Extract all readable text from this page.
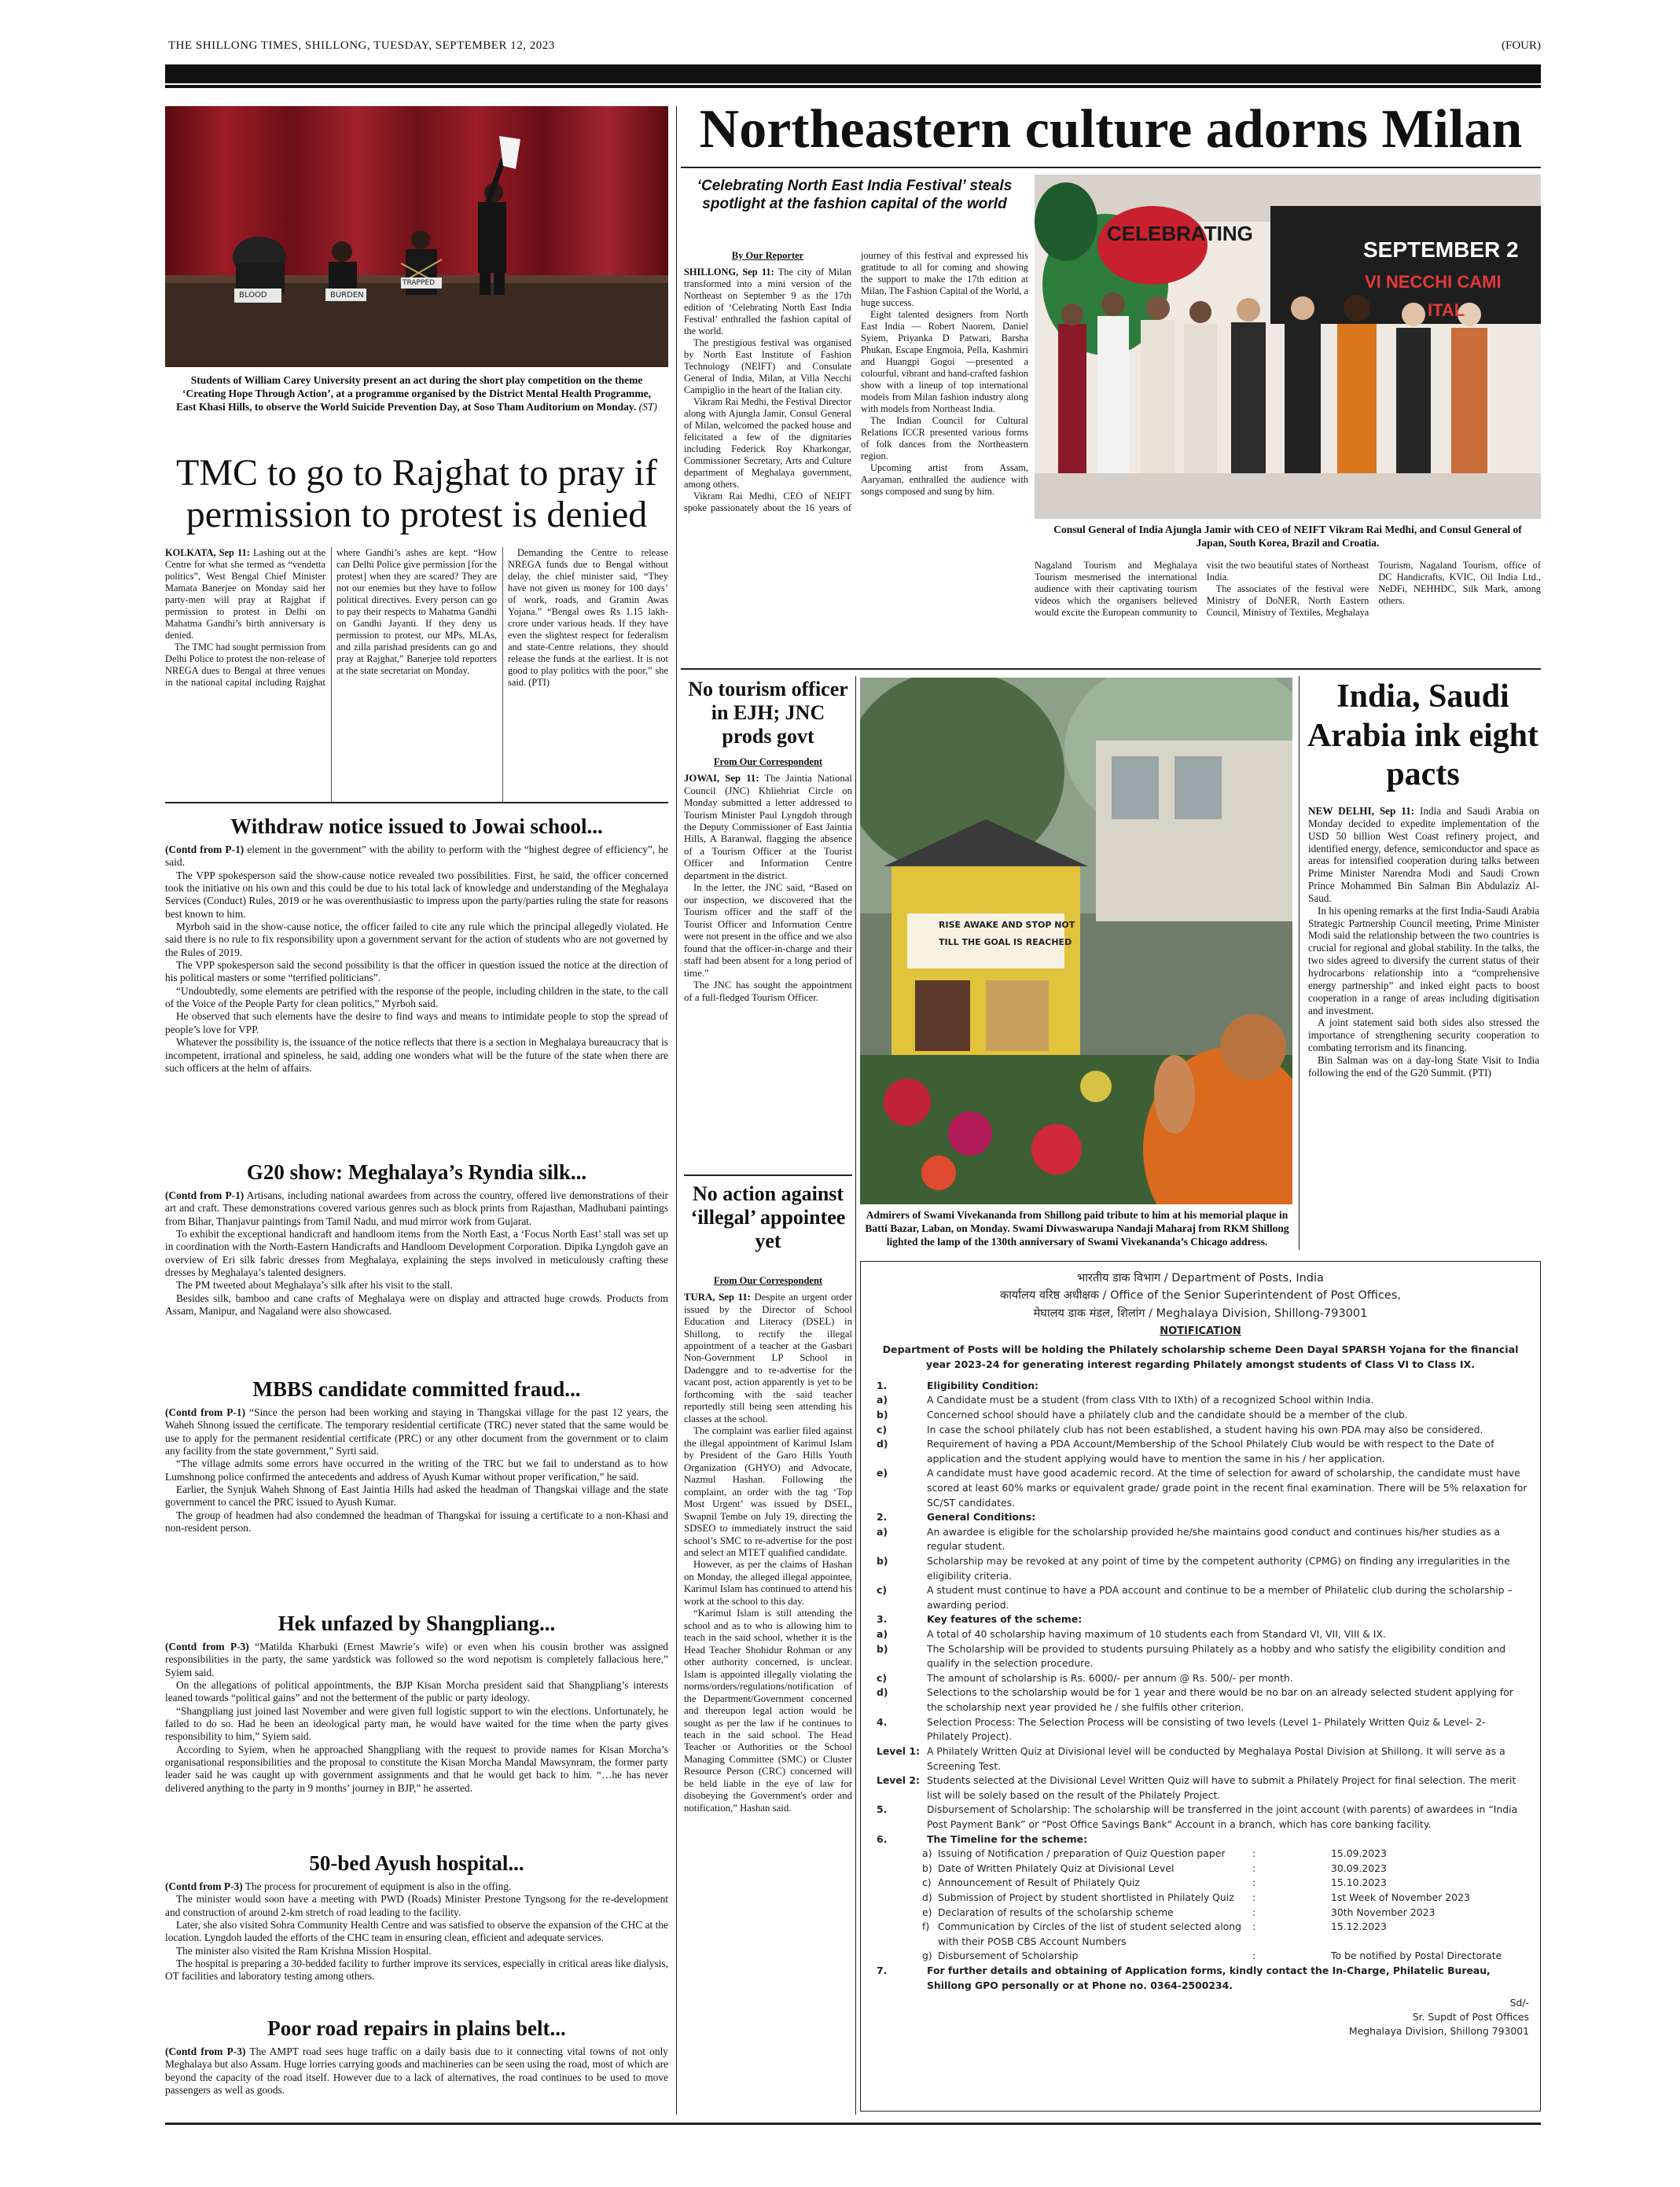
THE SHILLONG TIMES, SHILLONG, TUESDAY, SEPTEMBER 12, 2023	(FOUR)
BLOOD	BURDEN
TRAPPED
Students of William Carey University present an act during the short play competition on the theme ‘Creating Hope Through Action’, at a programme organised by the District Mental Health Programme, East Khasi Hills, to observe the World Suicide Prevention Day, at Soso Tham Auditorium on Monday. (ST)
TMC to go to Rajghat to pray if permission to protest is denied

KOLKATA, Sep 11: Lashing out at the Centre for what she termed as “vendetta politics”, West Bengal Chief Minister Mamata Banerjee on Monday said her party-men will pray at Rajghat if permission to protest in Delhi on Mahatma Gandhi’s birth anniversary is denied.

The TMC had sought permission from Delhi Police to protest the non-release of NREGA dues to Bengal at three venues in the national capital including Rajghat where Gandhi’s ashes are kept. “How can Delhi Police give permission [for the protest] when they are scared? They are not our enemies but they have to follow political directives. Every person can go to pay their respects to Mahatma Gandhi on Gandhi Jayanti. If they deny us permission to protest, our MPs, MLAs, and zilla parishad presidents can go and pray at Rajghat,” Banerjee told reporters at the state secretariat on Monday.

Demanding the Centre to release NREGA funds due to Bengal without delay, the chief minister said, “They have not given us money for 100 days’ of work, roads, and Gramin Awas Yojana.” “Bengal owes Rs 1.15 lakh-crore under various heads. If they have even the slightest respect for federalism and state-Centre relations, they should release the funds at the earliest. It is not good to play politics with the poor,” she said. (PTI)

Withdraw notice issued to Jowai school...

(Contd from P-1) element in the government” with the ability to perform with the “highest degree of efficiency”, he said.

The VPP spokesperson said the show-cause notice revealed two possibilities. First, he said, the officer concerned took the initiative on his own and this could be due to his total lack of knowledge and understanding of the Meghalaya Services (Conduct) Rules, 2019 or he was overenthusiastic to impress upon the party/parties ruling the state for reasons best known to him.

Myrboh said in the show-cause notice, the officer failed to cite any rule which the principal allegedly violated. He said there is no rule to fix responsibility upon a government servant for the action of students who are not governed by the Rules of 2019.

The VPP spokesperson said the second possibility is that the officer in question issued the notice at the direction of his political masters or some “terrified politicians”.

“Undoubtedly, some elements are petrified with the response of the people, including children in the state, to the call of the Voice of the People Party for clean politics,” Myrboh said.

He observed that such elements have the desire to find ways and means to intimidate people to stop the spread of people’s love for VPP.

Whatever the possibility is, the issuance of the notice reflects that there is a section in Meghalaya bureaucracy that is incompetent, irrational and spineless, he said, adding one wonders what will be the future of the state when there are such officers at the helm of affairs.

G20 show: Meghalaya’s Ryndia silk...

(Contd from P-1) Artisans, including national awardees from across the country, offered live demonstrations of their art and craft. These demonstrations covered various genres such as block prints from Rajasthan, Madhubani paintings from Bihar, Thanjavur paintings from Tamil Nadu, and mud mirror work from Gujarat.

To exhibit the exceptional handicraft and handloom items from the North East, a ‘Focus North East’ stall was set up in coordination with the North-Eastern Handicrafts and Handloom Development Corporation. Dipika Lyngdoh gave an overview of Eri silk fabric dresses from Meghalaya, explaining the steps involved in meticulously crafting these dresses by Meghalaya’s talented designers.

The PM tweeted about Meghalaya’s silk after his visit to the stall.

Besides silk, bamboo and cane crafts of Meghalaya were on display and attracted huge crowds. Products from Assam, Manipur, and Nagaland were also showcased.

MBBS candidate committed fraud...

(Contd from P-1) “Since the person had been working and staying in Thangskai village for the past 12 years, the Waheh Shnong issued the certificate. The temporary residential certificate (TRC) never stated that the same would be use to apply for the permanent residential certificate (PRC) or any other document from the government or to claim any facility from the state government,” Syrti said.

“The village admits some errors have occurred in the writing of the TRC but we fail to understand as to how Lumshnong police confirmed the antecedents and address of Ayush Kumar without proper verification,” he said.

Earlier, the Synjuk Waheh Shnong of East Jaintia Hills had asked the headman of Thangskai village and the state government to cancel the PRC issued to Ayush Kumar.

The group of headmen had also condemned the headman of Thangskai for issuing a certificate to a non-Khasi and non-resident person.

Hek unfazed by Shangpliang...

(Contd from P-3) “Matilda Kharbuki (Ernest Mawrie’s wife) or even when his cousin brother was assigned responsibilities in the party, the same yardstick was followed so the word nepotism is completely fallacious here,” Syiem said.

On the allegations of political appointments, the BJP Kisan Morcha president said that Shangpliang’s interests leaned towards “political gains” and not the betterment of the public or party ideology.

“Shangpliang just joined last November and were given full logistic support to win the elections. Unfortunately, he failed to do so. Had he been an ideological party man, he would have waited for the time when the party gives responsibility to him,” Syiem said.

According to Syiem, when he approached Shangpliang with the request to provide names for Kisan Morcha’s organisational responsibilities and the proposal to constitute the Kisan Morcha Mandal Mawsynram, the former party leader said he was caught up with government assignments and that he would get back to him. “…he has never delivered anything to the party in 9 months’ journey in BJP,” he asserted.

50-bed Ayush hospital...

(Contd from P-3) The process for procurement of equipment is also in the offing.

The minister would soon have a meeting with PWD (Roads) Minister Prestone Tyngsong for the re-development and construction of around 2-km stretch of road leading to the facility.

Later, she also visited Sohra Community Health Centre and was satisfied to observe the expansion of the CHC at the location. Lyngdoh lauded the efforts of the CHC team in ensuring clean, efficient and adequate services.

The minister also visited the Ram Krishna Mission Hospital.

The hospital is preparing a 30-bedded facility to further improve its services, especially in critical areas like dialysis, OT facilities and laboratory testing among others.

Poor road repairs in plains belt...

(Contd from P-3) The AMPT road sees huge traffic on a daily basis due to it connecting vital towns of not only Meghalaya but also Assam. Huge lorries carrying goods and machineries can be seen using the road, most of which are beyond the capacity of the road itself. However due to a lack of alternatives, the road continues to be used to move passengers as well as goods.

Northeastern culture adorns Milan
‘Celebrating North East India Festival’ steals spotlight at the fashion capital of the world
By Our Reporter

SHILLONG, Sep 11: The city of Milan transformed into a mini version of the Northeast on September 9 as the 17th edition of ‘Celebrating North East India Festival’ enthralled the fashion capital of the world.

The prestigious festival was organised by North East Institute of Fashion Technology (NEIFT) and Consulate General of India, Milan, at Villa Necchi Campiglio in the heart of the Italian city.

Vikram Rai Medhi, the Festival Director along with Ajungla Jamir, Consul General of Milan, welcomed the packed house and felicitated a few of the dignitaries including Federick Roy Kharkongar, Commissioner Secretary, Arts and Culture department of Meghalaya government, among others.

Vikram Rai Medhi, CEO of NEIFT spoke passionately about the 16 years of journey of this festival and expressed his gratitude to all for coming and showing the support to make the 17th edition at Milan, The Fashion Capital of the World, a huge success.

Eight talented designers from North East India — Robert Naorem, Daniel Syiem, Priyanka D Patwari, Barsha Phukan, Escape Engmoia, Pella, Kashmiri and Huangpi Gogoi —presented a colourful, vibrant and hand-crafted fashion show with a lineup of top international models from Milan fashion industry along with models from Northeast India.

The Indian Council for Cultural Relations ICCR presented various forms of folk dances from the Northeastern region.

Upcoming artist from Assam, Aaryaman, enthralled the audience with songs composed and sung by him.

CELEBRATING
SEPTEMBER 2
VI NECCHI CAMI
ITAL
Consul General of India Ajungla Jamir with CEO of NEIFT Vikram Rai Medhi, and Consul General of Japan, South Korea, Brazil and Croatia.

Nagaland Tourism and Meghalaya Tourism mesmerised the international audience with their captivating tourism videos which the organisers believed would excite the European community to visit the two beautiful states of Northeast India.

The associates of the festival were Ministry of DoNER, North Eastern Council, Ministry of Textiles, Meghalaya Tourism, Nagaland Tourism, office of DC Handicrafts, KVIC, Oil India Ltd., NeDFi, NEHHDC, Silk Mark, among others.

No tourism officer in EJH; JNC prods govt
From Our Correspondent

JOWAI, Sep 11: The Jaintia National Council (JNC) Khliehriat Circle on Monday submitted a letter addressed to Tourism Minister Paul Lyngdoh through the Deputy Commissioner of East Jaintia Hills, A Baranwal, flagging the absence of a Tourism Officer at the Tourist Officer and Information Centre department in the district.

In the letter, the JNC said, “Based on our inspection, we discovered that the Tourism officer and the staff of the Tourist Officer and Information Centre were not present in the office and we also found that the officer-in-charge and their staff had been absent for a long period of time.”

The JNC has sought the appointment of a full-fledged Tourism Officer.

No action against ‘illegal’ appointee yet
From Our Correspondent

TURA, Sep 11: Despite an urgent order issued by the Director of School Education and Literacy (DSEL) in Shillong, to rectify the illegal appointment of a teacher at the Gasbari Non-Government LP School in Dadenggre and to re-advertise for the vacant post, action apparently is yet to be forthcoming with the said teacher reportedly still being seen attending his classes at the school.

The complaint was earlier filed against the illegal appointment of Karimul Islam by President of the Garo Hills Youth Organization (GHYO) and Advocate, Nazmul Hashan. Following the complaint, an order with the tag ‘Top Most Urgent’ was issued by DSEL, Swapnil Tembe on July 19, directing the SDSEO to immediately instruct the said school’s SMC to re-advertise for the post and select an MTET qualified candidate.

However, as per the claims of Hashan on Monday, the alleged illegal appointee, Karimul Islam has continued to attend his work at the school to this day.

“Karimul Islam is still attending the school and as to who is allowing him to teach in the said school, whether it is the Head Teacher Shohidur Rohman or any other authority concerned, is unclear. Islam is appointed illegally violating the norms/orders/regulations/notification of the Department/Government concerned and thereupon legal action would be sought as per the law if he continues to teach in the said school. The Head Teacher or Authorities or the School Managing Committee (SMC) or Cluster Resource Person (CRC) concerned will be held liable in the eye of law for disobeying the Government's order and notification,” Hashan said.

RISE AWAKE AND STOP NOT
TILL THE GOAL IS REACHED
Admirers of Swami Vivekananda from Shillong paid tribute to him at his memorial plaque in Batti Bazar, Laban, on Monday. Swami Divwaswarupa Nandaji Maharaj from RKM Shillong lighted the lamp of the 130th anniversary of Swami Vivekananda’s Chicago address.
India, Saudi Arabia ink eight pacts

NEW DELHI, Sep 11: India and Saudi Arabia on Monday decided to expedite implementation of the USD 50 billion West Coast refinery project, and identified energy, defence, semiconductor and space as areas for intensified cooperation during talks between Prime Minister Narendra Modi and Saudi Crown Prince Mohammed Bin Salman Bin Abdulaziz Al-Saud.

In his opening remarks at the first India-Saudi Arabia Strategic Partnership Council meeting, Prime Minister Modi said the relationship between the two countries is crucial for regional and global stability. In the talks, the two sides agreed to diversify the current status of their hydrocarbons relationship into a “comprehensive energy partnership” and inked eight pacts to boost cooperation in a range of areas including digitisation and investment.

A joint statement said both sides also stressed the importance of strengthening security cooperation to combating terrorism and its financing.

Bin Salman was on a day-long State Visit to India following the end of the G20 Summit. (PTI)

भारतीय डाक विभाग / Department of Posts, India
कार्यालय वरिष्ठ अधीक्षक / Office of the Senior Superintendent of Post Offices,
मेघालय डाक मंडल, शिलांग / Meghalaya Division, Shillong-793001
NOTIFICATION
Department of Posts will be holding the Philately scholarship scheme Deen Dayal SPARSH Yojana for the financial year 2023-24 for generating interest regarding Philately amongst students of Class VI to Class IX.
1.	Eligibility Condition:
a)	A Candidate must be a student (from class VIth to IXth) of a recognized School within India.
b)	Concerned school should have a philately club and the candidate should be a member of the club.
c)	In case the school philately club has not been established, a student having his own PDA may also be considered.
d)	Requirement of having a PDA Account/Membership of the School Philately Club would be with respect to the Date of application and the student applying would have to mention the same in his / her application.
e)	A candidate must have good academic record. At the time of selection for award of scholarship, the candidate must have scored at least 60% marks or equivalent grade/ grade point in the recent final examination. There will be 5% relaxation for SC/ST candidates.
2.	General Conditions:
a)	An awardee is eligible for the scholarship provided he/she maintains good conduct and continues his/her studies as a regular student.
b)	Scholarship may be revoked at any point of time by the competent authority (CPMG) on finding any irregularities in the eligibility criteria.
c)	A student must continue to have a PDA account and continue to be a member of Philatelic club during the scholarship – awarding period.
3.	Key features of the scheme:
a)	A total of 40 scholarship having maximum of 10 students each from Standard VI, VII, VIII & IX.
b)	The Scholarship will be provided to students pursuing Philately as a hobby and who satisfy the eligibility condition and qualify in the selection procedure.
c)	The amount of scholarship is Rs. 6000/- per annum @ Rs. 500/- per month.
d)	Selections to the scholarship would be for 1 year and there would be no bar on an already selected student applying for the scholarship next year provided he / she fulfils other criterion.
4.	Selection Process: The Selection Process will be consisting of two levels (Level 1- Philately Written Quiz & Level- 2- Philately Project).
Level 1: A Philately Written Quiz at Divisional level will be conducted by Meghalaya Postal Division at Shillong. It will serve as a Screening Test.
Level 2: Students selected at the Divisional Level Written Quiz will have to submit a Philately Project for final selection. The merit list will be solely based on the result of the Philately Project.
5.	Disbursement of Scholarship: The scholarship will be transferred in the joint account (with parents) of awardees in “India Post Payment Bank” or “Post Office Savings Bank” Account in a branch, which has core banking facility.
6.	The Timeline for the scheme:
a) Issuing of Notification / preparation of Quiz Question paper	:	15.09.2023
b) Date of Written Philately Quiz at Divisional Level	:	30.09.2023
c) Announcement of Result of Philately Quiz	:	15.10.2023
d) Submission of Project by student shortlisted in Philately Quiz	:	1st Week of November 2023
e) Declaration of results of the scholarship scheme	:	30th November 2023
f) Communication by Circles of the list of student selected along with their POSB CBS Account Numbers
:	15.12.2023
g) Disbursement of Scholarship	:	To be notified by Postal Directorate
7.	For further details and obtaining of Application forms, kindly contact the In-Charge, Philatelic Bureau, Shillong GPO personally or at Phone no. 0364-2500234.
Sd/-
Sr. Supdt of Post Offices
Meghalaya Division, Shillong 793001
